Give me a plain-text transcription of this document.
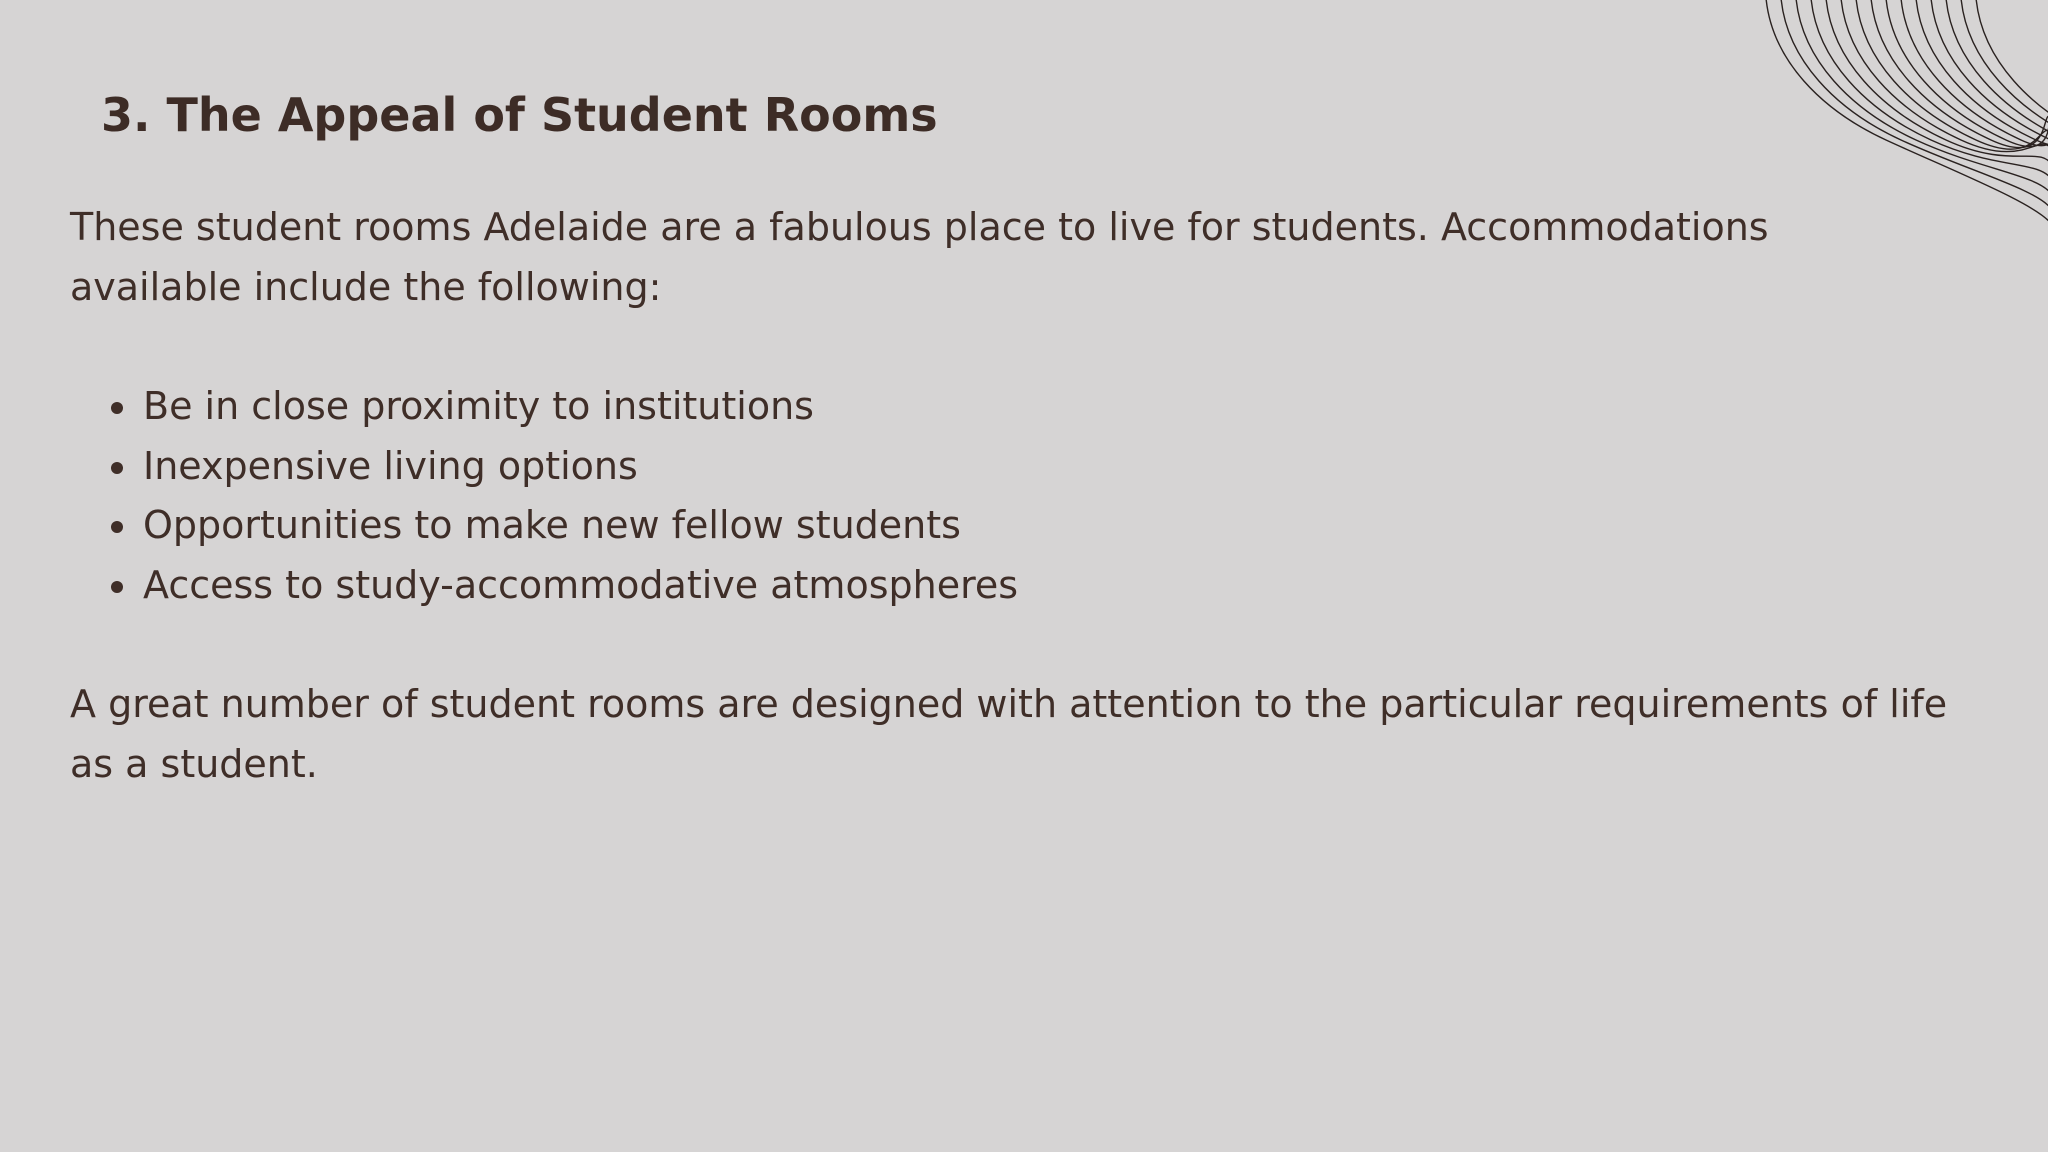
3. The Appeal of Student Rooms

These student rooms Adelaide are a fabulous place to live for students. Accommodations available include the following:

Be in close proximity to institutions
Inexpensive living options
Opportunities to make new fellow students
Access to study-accommodative atmospheres

A great number of student rooms are designed with attention to the particular requirements of life as a student.
